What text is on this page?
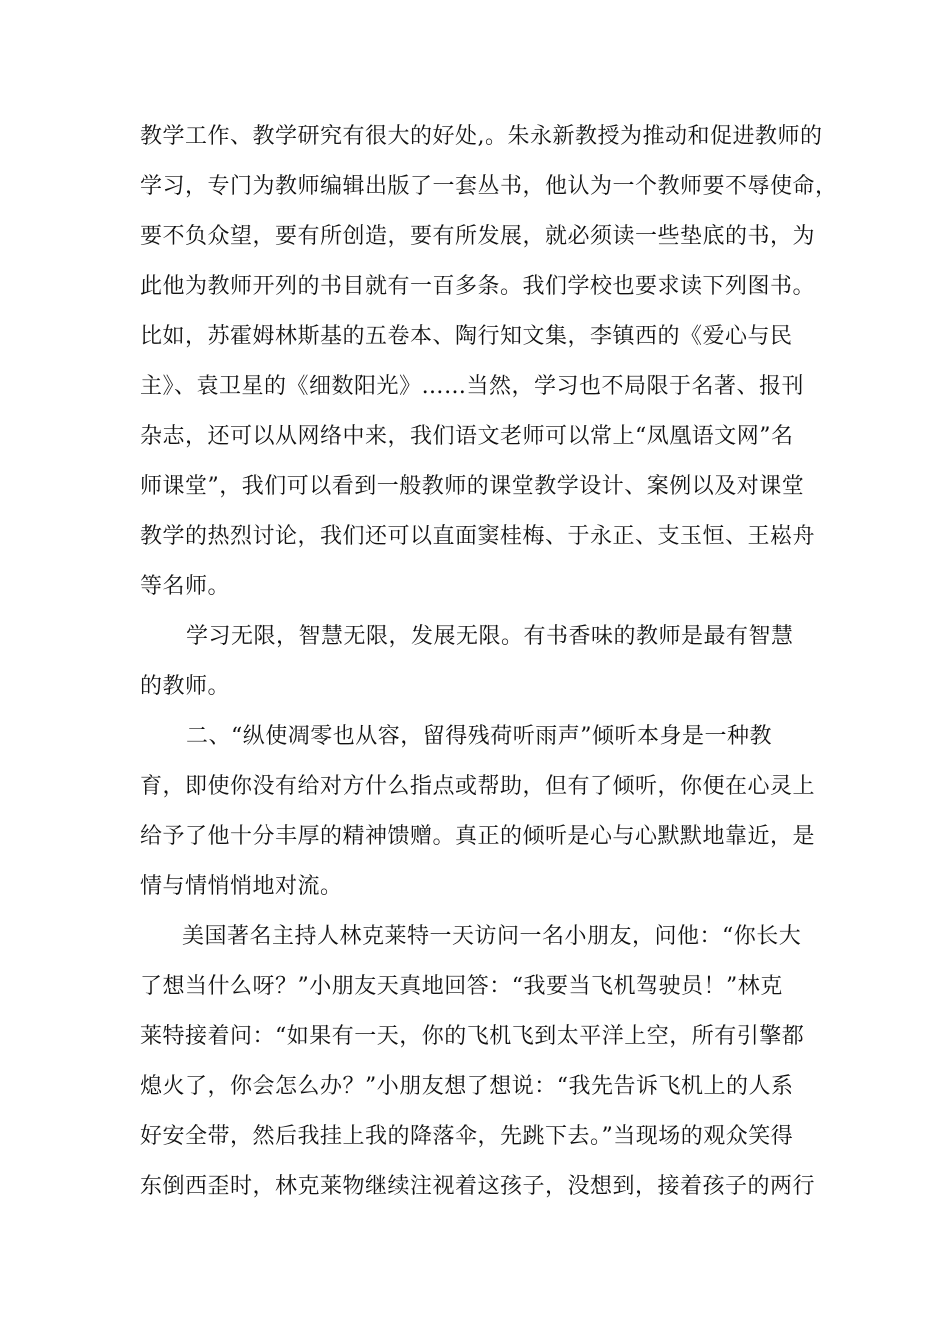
教学工作、教学研究有很大的好处,。朱永新教授为推动和促进教师的
学习，专门为教师编辑出版了一套丛书，他认为一个教师要不辱使命，
要不负众望，要有所创造，要有所发展，就必须读一些垫底的书，为
此他为教师开列的书目就有一百多条。我们学校也要求读下列图书。
比如，苏霍姆林斯基的五卷本、陶行知文集，李镇西的《爱心与民
主》、袁卫星的《细数阳光》……当然，学习也不局限于名著、报刊
杂志，还可以从网络中来，我们语文老师可以常上“凤凰语文网”名
师课堂”，我们可以看到一般教师的课堂教学设计、案例以及对课堂
教学的热烈讨论，我们还可以直面窦桂梅、于永正、支玉恒、王崧舟
等名师。
学习无限，智慧无限，发展无限。有书香味的教师是最有智慧
的教师。
二、“纵使凋零也从容，留得残荷听雨声”倾听本身是一种教
育，即使你没有给对方什么指点或帮助，但有了倾听，你便在心灵上
给予了他十分丰厚的精神馈赠。真正的倾听是心与心默默地靠近，是
情与情悄悄地对流。
美国著名主持人林克莱特一天访问一名小朋友，问他：“你长大
了想当什么呀？”小朋友天真地回答：“我要当飞机驾驶员！”林克
莱特接着问：“如果有一天，你的飞机飞到太平洋上空，所有引擎都
熄火了，你会怎么办？”小朋友想了想说：“我先告诉飞机上的人系
好安全带，然后我挂上我的降落伞，先跳下去。”当现场的观众笑得
东倒西歪时，林克莱物继续注视着这孩子，没想到，接着孩子的两行
